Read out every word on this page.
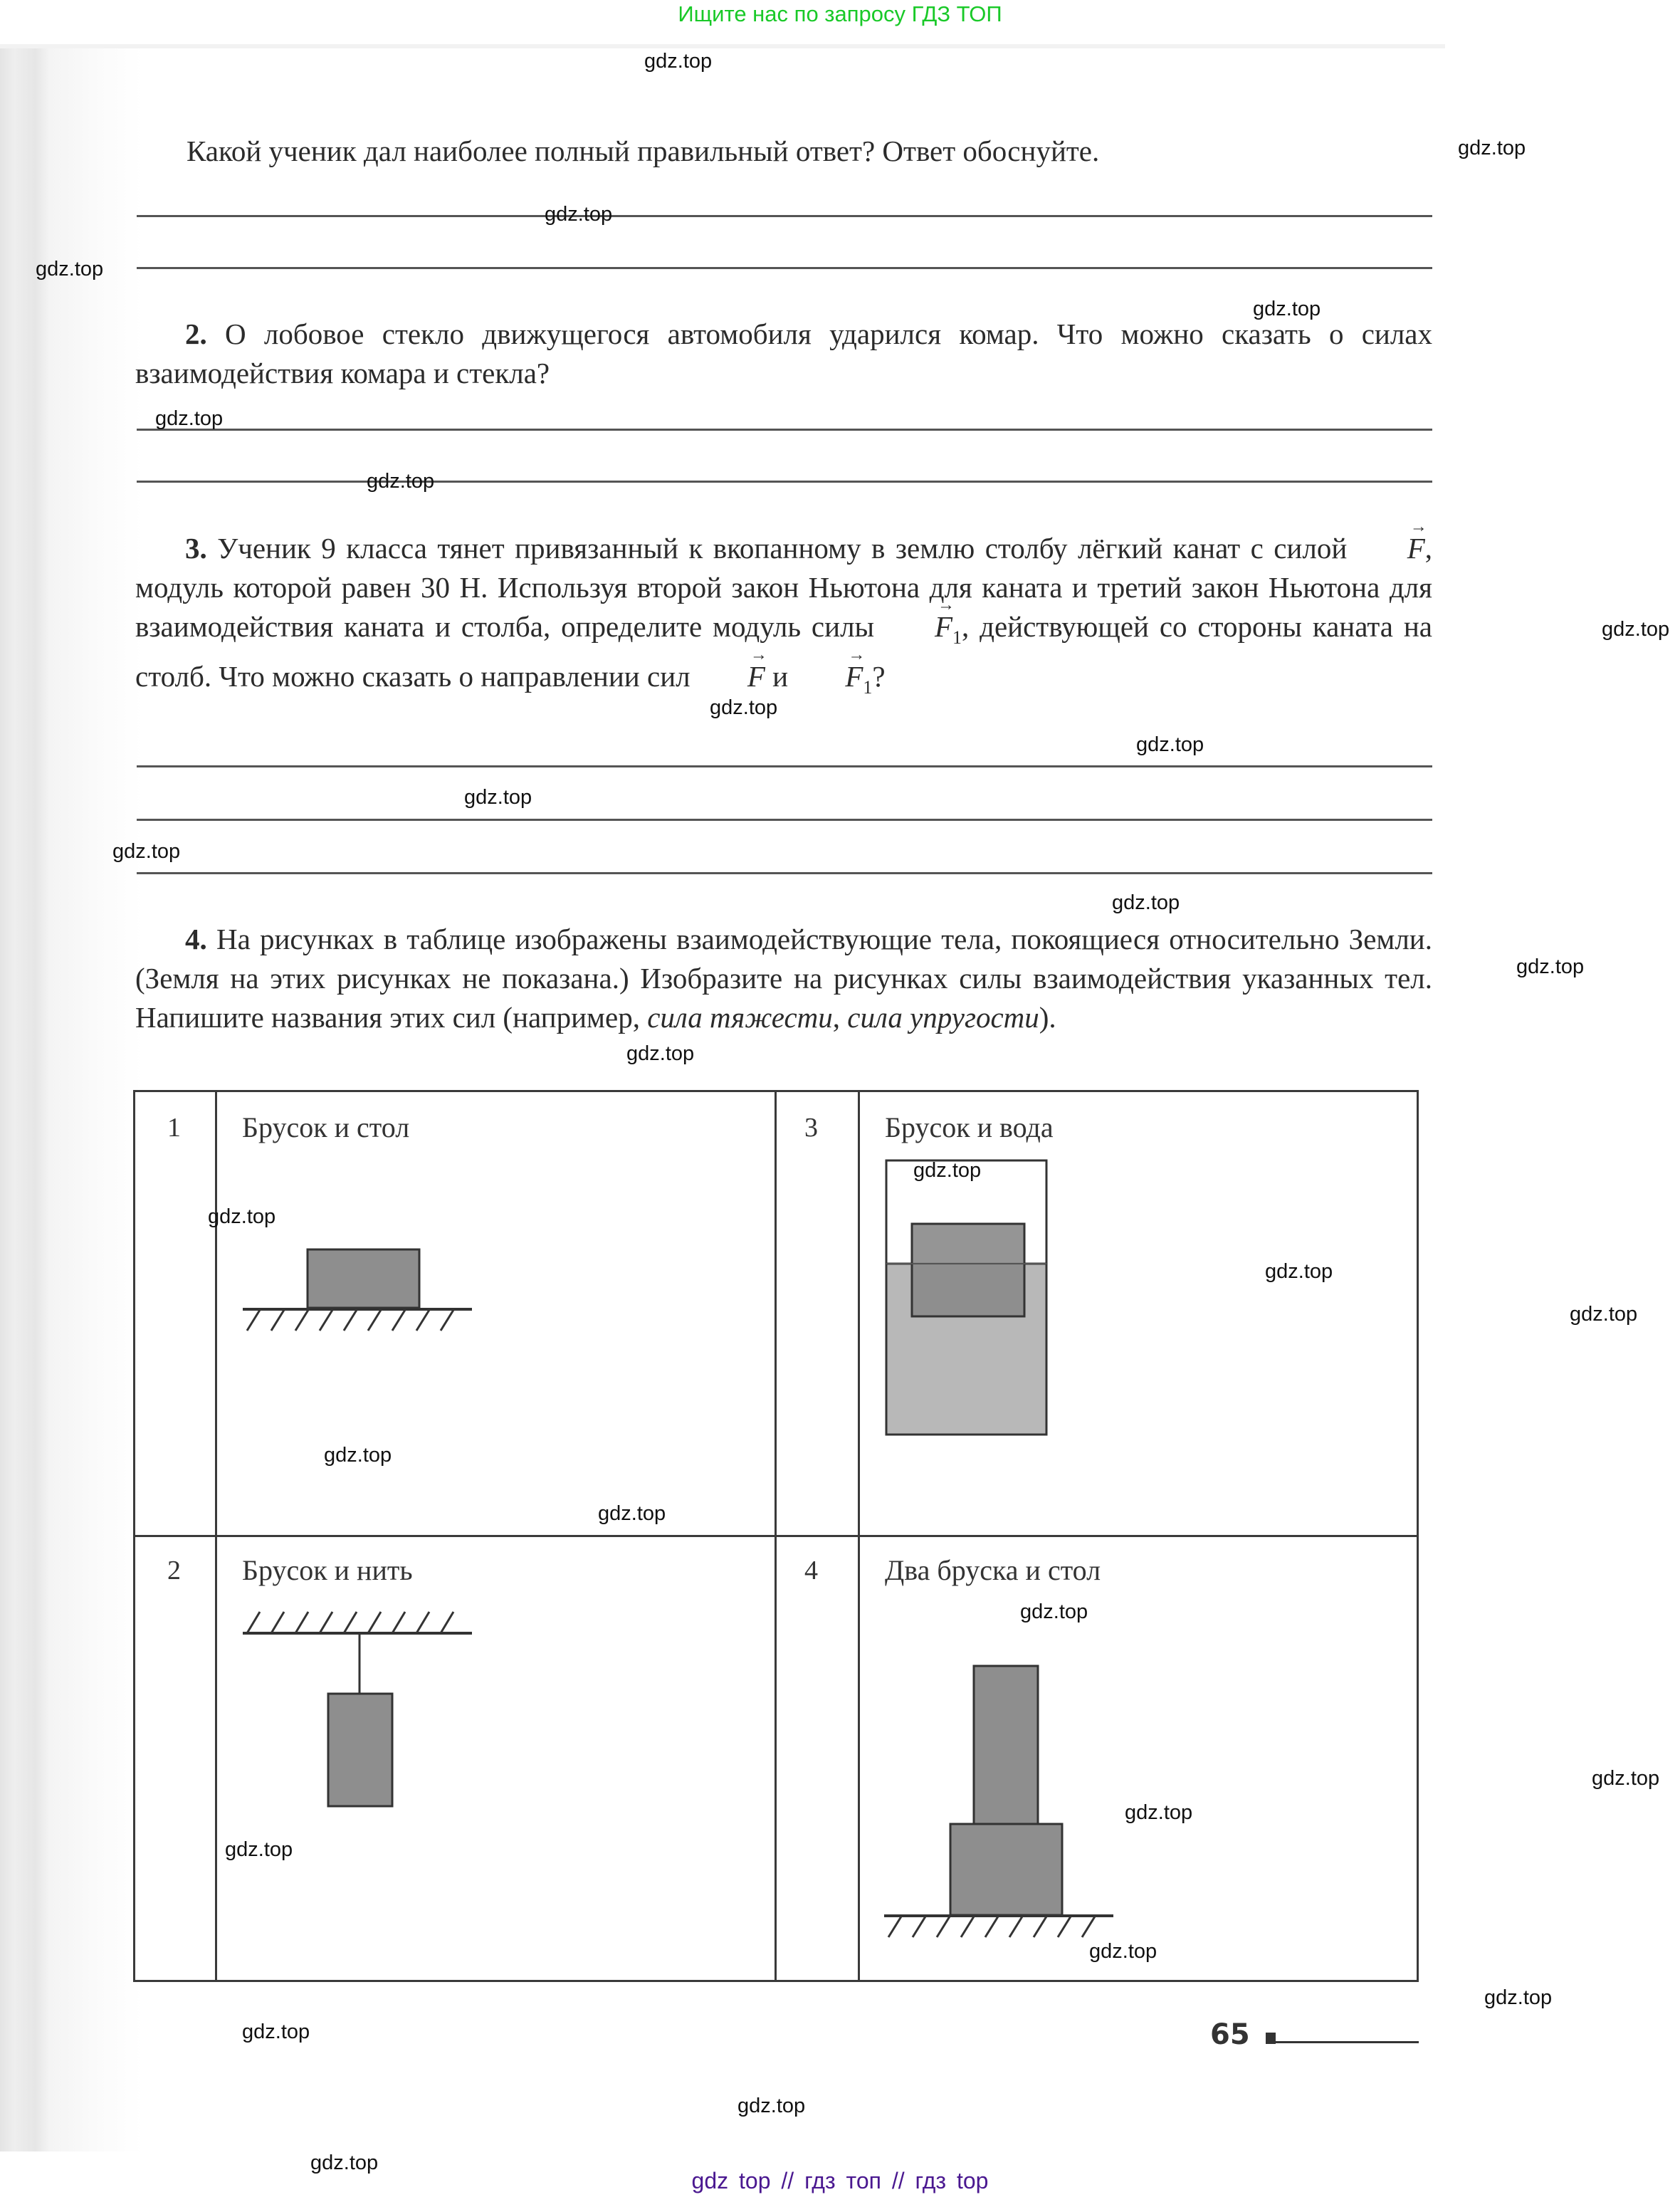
Ищите нас по запросу ГДЗ ТОП
Какой ученик дал наиболее полный правильный ответ? Ответ обоснуйте.
2. О лобовое стекло движущегося автомобиля ударился комар. Что можно сказать о силах взаимодействия комара и стекла?
3. Ученик 9 класса тянет привязанный к вкопанному в землю столбу лёгкий канат с силой → F, модуль которой равен 30 Н. Используя второй закон Ньютона для каната и третий закон Ньютона для взаимодействия каната и столба, определите модуль силы → $F_1$, действующей со стороны каната на столб. Что можно сказать о направлении сил → F $и \to F_1$?
4. На рисунках в таблице изображены взаимодействующие тела, покоящиеся относительно Земли. (Земля на этих рисунках не показана.) Изобразите на рисунках силы взаимодействия указанных тел. Напишите названия этих сил (например, сила тяжести, сила упругости).
1 Брусок и стол	3 Брусок и вода
2 Брусок и нить	4 Два бруска и стол
65
gdz.top
gdz.top
gdz.top
gdz.top
gdz.top
gdz.top
gdz.top
gdz.top
gdz.top
gdz.top
gdz.top
gdz.top
gdz.top
gdz.top
gdz.top
gdz.top
gdz.top
gdz.top
gdz.top
gdz.top
gdz.top
gdz.top
gdz.top
gdz.top
gdz.top
gdz.top
gdz.top
gdz.top
gdz.top
gdz.top
gdz top // гдз топ // гдз top
